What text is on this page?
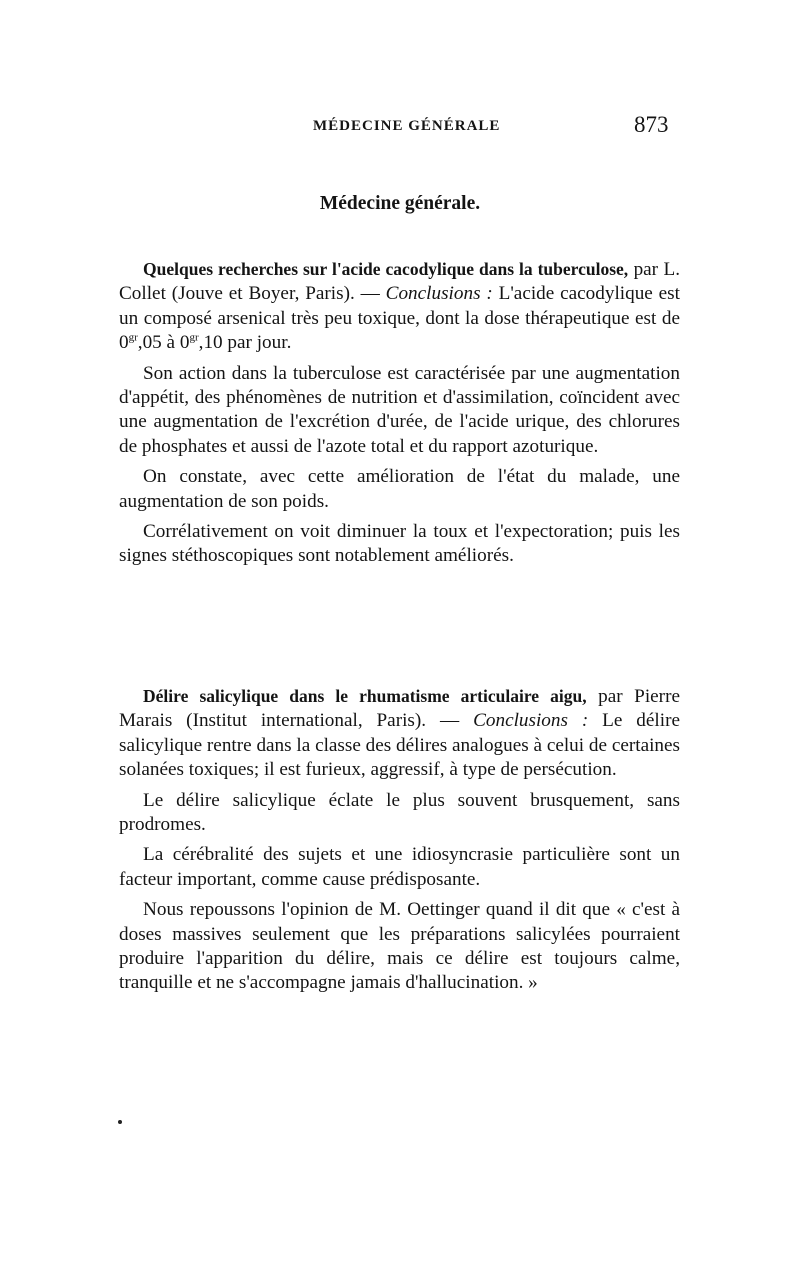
MÉDECINE GÉNÉRALE	873
Médecine générale.

Quelques recherches sur l'acide cacodylique dans la tuberculose, par L. Collet (Jouve et Boyer, Paris). — Conclusions : L'acide cacodylique est un composé arsenical très peu toxique, dont la dose thérapeutique est de $0^{gr},05$ à $0^{gr},10$ par jour.

Son action dans la tuberculose est caractérisée par une augmentation d'appétit, des phénomènes de nutrition et d'assimilation, coïncident avec une augmentation de l'excrétion d'urée, de l'acide urique, des chlorures de phosphates et aussi de l'azote total et du rapport azoturique.

On constate, avec cette amélioration de l'état du malade, une augmentation de son poids.

Corrélativement on voit diminuer la toux et l'expectoration; puis les signes stéthoscopiques sont notablement améliorés.

Délire salicylique dans le rhumatisme articulaire aigu, par Pierre Marais (Institut international, Paris). — Conclusions : Le délire salicylique rentre dans la classe des délires analogues à celui de certaines solanées toxiques; il est furieux, aggressif, à type de persécution.

Le délire salicylique éclate le plus souvent brusquement, sans prodromes.

La cérébralité des sujets et une idiosyncrasie particulière sont un facteur important, comme cause prédisposante.

Nous repoussons l'opinion de M. Oettinger quand il dit que « c'est à doses massives seulement que les préparations salicylées pourraient produire l'apparition du délire, mais ce délire est toujours calme, tranquille et ne s'accompagne jamais d'hallucination. »
